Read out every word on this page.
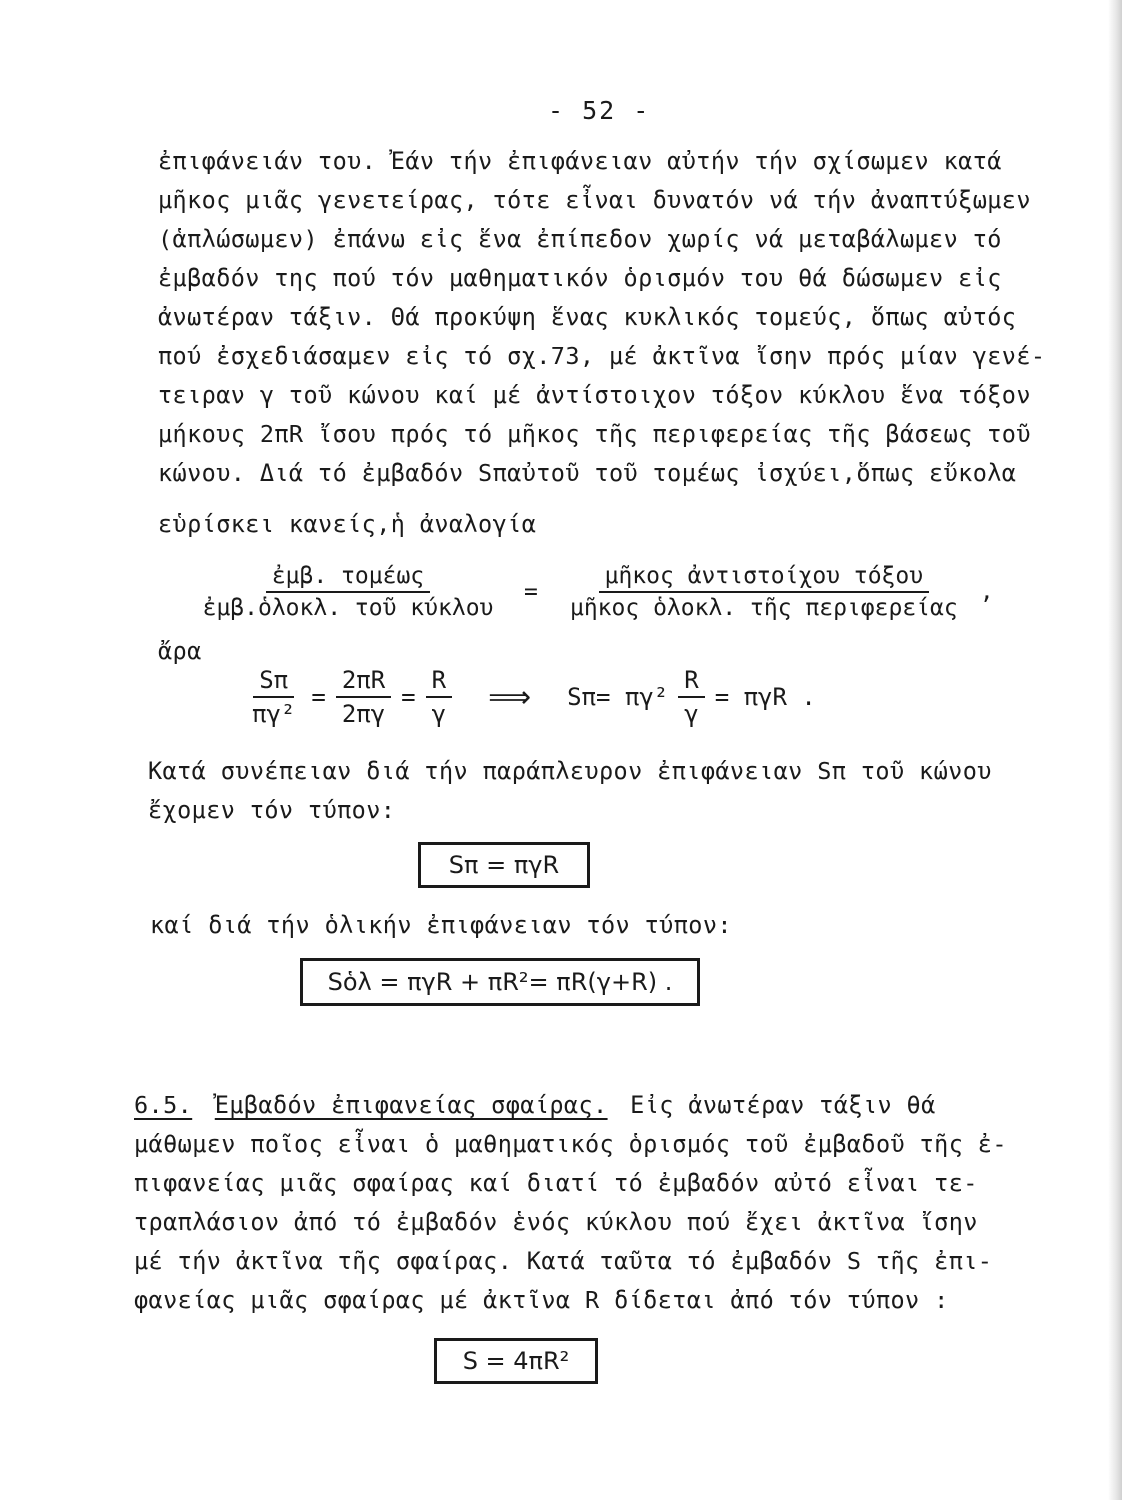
- 52 -
ἐπιφάνειάν του. Ἐάν τήν ἐπιφάνειαν αὐτήν τήν σχίσωμεν κατά
μῆκος μιᾶς γενετείρας, τότε εἶναι δυνατόν νά τήν ἀναπτύξωμεν
(ἁπλώσωμεν) ἐπάνω εἰς ἕνα ἐπίπεδον χωρίς νά μεταβάλωμεν τό
ἐμβαδόν της πού τόν μαθηματικόν ὁρισμόν του θά δώσωμεν εἰς
ἀνωτέραν τάξιν. Θά προκύψη ἕνας κυκλικός τομεύς, ὅπως αὐτός
πού ἐσχεδιάσαμεν εἰς τό σχ.73, μέ ἀκτῖνα ἴσην πρός μίαν γενέ-
τειραν γ τοῦ κώνου καί μέ ἀντίστοιχον τόξον κύκλου ἕνα τόξον
μήκους 2πR ἴσου πρός τό μῆκος τῆς περιφερείας τῆς βάσεως τοῦ
κώνου. Διά τό ἐμβαδόν Sπαὐτοῦ τοῦ τομέως ἰσχύει,ὅπως εὔκολα
εὑρίσκει κανείς,ἡ ἀναλογία
$\frac{\text{ἐμβ. τομέως}}{\text{ἐμβ.ὁλοκλ. τοῦ κύκλου}} = \frac{\text{μῆκος ἀντιστοίχου τόξου}}{\text{μῆκος ὁλοκλ. τῆς περιφερείας}}$ ,
ἄρα
$\frac{S\pi}{\text{πγ²}} = \frac{2\pi R}{2\pi\gamma} = \frac{R}{\gamma}$ ⟹ $S\pi= \pi\gamma^2 \frac{R}{\gamma} = \pi\gamma R$ .
Κατά συνέπειαν διά τήν παράπλευρον ἐπιφάνειαν Sπ τοῦ κώνου
ἔχομεν τόν τύπον:
Sπ = πγR
καί διά τήν ὁλικήν ἐπιφάνειαν τόν τύπον:
Sὁλ = πγR + πR²= πR(γ+R) .
6.5. Ἐμβαδόν ἐπιφανείας σφαίρας. Εἰς ἀνωτέραν τάξιν θά
μάθωμεν ποῖος εἶναι ὁ μαθηματικός ὁρισμός τοῦ ἐμβαδοῦ τῆς ἐ-
πιφανείας μιᾶς σφαίρας καί διατί τό ἐμβαδόν αὐτό εἶναι τε-
τραπλάσιον ἀπό τό ἐμβαδόν ἑνός κύκλου πού ἔχει ἀκτῖνα ἴσην
μέ τήν ἀκτῖνα τῆς σφαίρας. Κατά ταῦτα τό ἐμβαδόν S τῆς ἐπι-
φανείας μιᾶς σφαίρας μέ ἀκτῖνα R δίδεται ἀπό τόν τύπον :
S = 4πR²
